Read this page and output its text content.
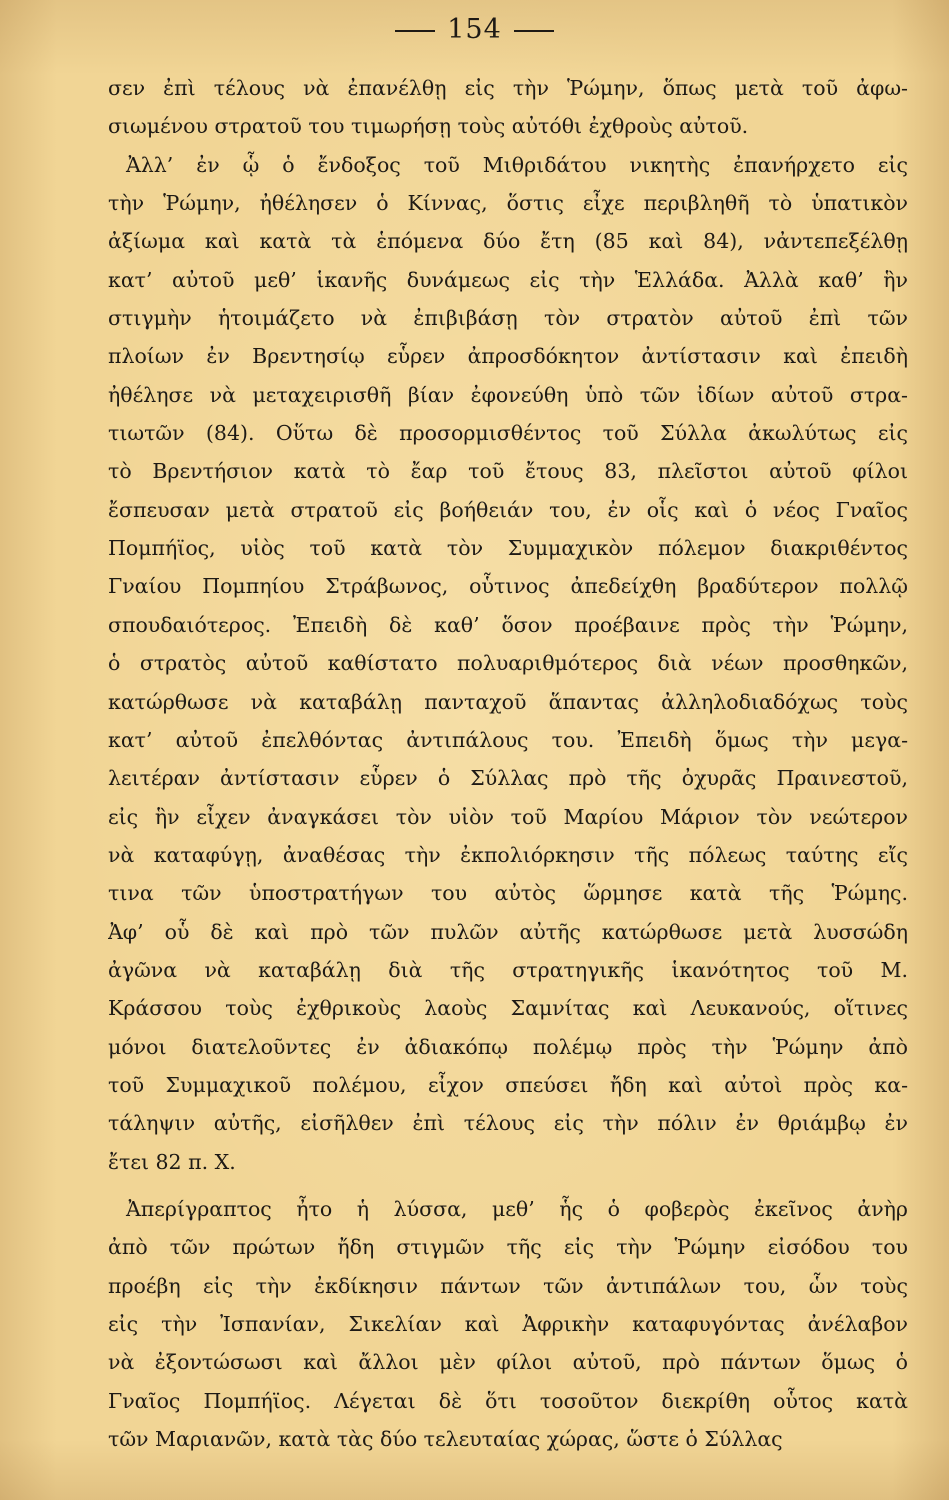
154
σεν ἐπὶ τέλους νὰ ἐπανέλθῃ εἰς τὴν Ῥώμην, ὅπως μετὰ τοῦ ἀφω-
σιωμένου στρατοῦ του τιμωρήσῃ τοὺς αὐτόθι ἐχθροὺς αὐτοῦ.
Ἀλλ’ ἐν ᾧ ὁ ἔνδοξος τοῦ Μιθριδάτου νικητὴς ἐπανήρχετο εἰς
τὴν Ῥώμην, ἠθέλησεν ὁ Κίννας, ὅστις εἶχε περιβληθῆ τὸ ὑπατικὸν
ἀξίωμα καὶ κατὰ τὰ ἑπόμενα δύο ἔτη (85 καὶ 84), νἀντεπεξέλθῃ
κατ’ αὐτοῦ μεθ’ ἱκανῆς δυνάμεως εἰς τὴν Ἑλλάδα. Ἀλλὰ καθ’ ἣν
στιγμὴν ἡτοιμάζετο νὰ ἐπιβιβάσῃ τὸν στρατὸν αὐτοῦ ἐπὶ τῶν
πλοίων ἐν Βρεντησίῳ εὗρεν ἀπροσδόκητον ἀντίστασιν καὶ ἐπειδὴ
ἠθέλησε νὰ μεταχειρισθῆ βίαν ἐφονεύθη ὑπὸ τῶν ἰδίων αὐτοῦ στρα-
τιωτῶν (84). Οὕτω δὲ προσορμισθέντος τοῦ Σύλλα ἀκωλύτως εἰς
τὸ Βρεντήσιον κατὰ τὸ ἔαρ τοῦ ἔτους 83, πλεῖστοι αὐτοῦ φίλοι
ἔσπευσαν μετὰ στρατοῦ εἰς βοήθειάν του, ἐν οἷς καὶ ὁ νέος Γναῖος
Πομπήϊος, υἱὸς τοῦ κατὰ τὸν Συμμαχικὸν πόλεμον διακριθέντος
Γναίου Πομπηίου Στράβωνος, οὗτινος ἀπεδείχθη βραδύτερον πολλῷ
σπουδαιότερος. Ἐπειδὴ δὲ καθ’ ὅσον προέβαινε πρὸς τὴν Ῥώμην,
ὁ στρατὸς αὐτοῦ καθίστατο πολυαριθμότερος διὰ νέων προσθηκῶν,
κατώρθωσε νὰ καταβάλῃ πανταχοῦ ἅπαντας ἀλληλοδιαδόχως τοὺς
κατ’ αὐτοῦ ἐπελθόντας ἀντιπάλους του. Ἐπειδὴ ὅμως τὴν μεγα-
λειτέραν ἀντίστασιν εὗρεν ὁ Σύλλας πρὸ τῆς ὀχυρᾶς Πραινεστοῦ,
εἰς ἣν εἶχεν ἀναγκάσει τὸν υἱὸν τοῦ Μαρίου Μάριον τὸν νεώτερον
νὰ καταφύγῃ, ἀναθέσας τὴν ἐκπολιόρκησιν τῆς πόλεως ταύτης εἴς
τινα τῶν ὑποστρατήγων του αὐτὸς ὥρμησε κατὰ τῆς Ῥώμης.
Ἀφ’ οὗ δὲ καὶ πρὸ τῶν πυλῶν αὐτῆς κατώρθωσε μετὰ λυσσώδη
ἀγῶνα νὰ καταβάλῃ διὰ τῆς στρατηγικῆς ἱκανότητος τοῦ Μ.
Κράσσου τοὺς ἐχθρικοὺς λαοὺς Σαμνίτας καὶ Λευκανούς, οἵτινες
μόνοι διατελοῦντες ἐν ἀδιακόπῳ πολέμῳ πρὸς τὴν Ῥώμην ἀπὸ
τοῦ Συμμαχικοῦ πολέμου, εἶχον σπεύσει ἤδη καὶ αὐτοὶ πρὸς κα-
τάληψιν αὐτῆς, εἰσῆλθεν ἐπὶ τέλους εἰς τὴν πόλιν ἐν θριάμβῳ ἐν
ἔτει 82 π. Χ.
Ἀπερίγραπτος ἦτο ἡ λύσσα, μεθ’ ἧς ὁ φοβερὸς ἐκεῖνος ἀνὴρ
ἀπὸ τῶν πρώτων ἤδη στιγμῶν τῆς εἰς τὴν Ῥώμην εἰσόδου του
προέβη εἰς τὴν ἐκδίκησιν πάντων τῶν ἀντιπάλων του, ὧν τοὺς
εἰς τὴν Ἰσπανίαν, Σικελίαν καὶ Ἀφρικὴν καταφυγόντας ἀνέλαβον
νὰ ἐξοντώσωσι καὶ ἄλλοι μὲν φίλοι αὐτοῦ, πρὸ πάντων ὅμως ὁ
Γναῖος Πομπήϊος. Λέγεται δὲ ὅτι τοσοῦτον διεκρίθη οὗτος κατὰ
τῶν Μαριανῶν, κατὰ τὰς δύο τελευταίας χώρας, ὥστε ὁ Σύλλας
